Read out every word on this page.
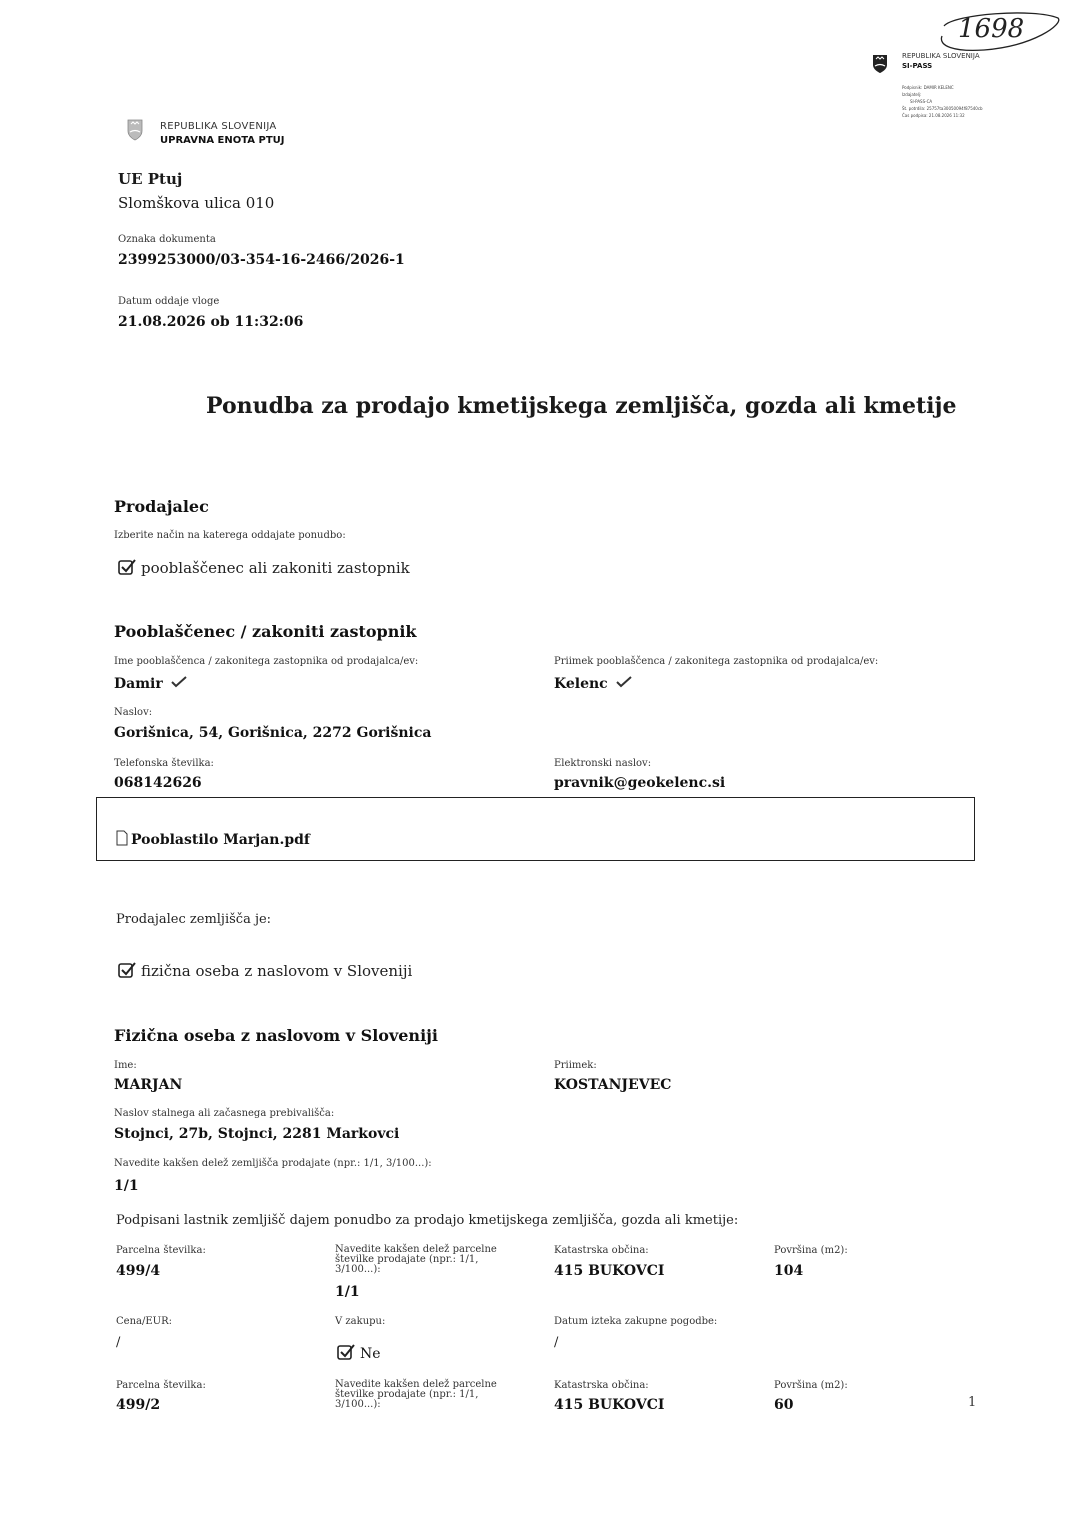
1698
REPUBLIKA SLOVENIJA
SI-PASS
Podpisnik: DAMIR KELENC
Izdajatelj:
SI-PASS-CA
Št. potrdila: 25757ta30050094f87540cb
Čas podpisa: 21.08.2026 11:32
REPUBLIKA SLOVENIJA
UPRAVNA ENOTA PTUJ
UE Ptuj
Slomškova ulica 010
Oznaka dokumenta
2399253000/03-354-16-2466/2026-1
Datum oddaje vloge
21.08.2026 ob 11:32:06
Ponudba za prodajo kmetijskega zemljišča, gozda ali kmetije
Prodajalec
Izberite način na katerega oddajate ponudbo:
pooblaščenec ali zakoniti zastopnik
Pooblaščenec / zakoniti zastopnik
Ime pooblaščenca / zakonitega zastopnika od prodajalca/ev:
Damir
Priimek pooblaščenca / zakonitega zastopnika od prodajalca/ev:
Kelenc
Naslov:
Gorišnica, 54, Gorišnica, 2272 Gorišnica
Telefonska številka:
068142626
Elektronski naslov:
pravnik@geokelenc.si
Pooblastilo Marjan.pdf
Prodajalec zemljišča je:
fizična oseba z naslovom v Sloveniji
Fizična oseba z naslovom v Sloveniji
Ime:
MARJAN
Priimek:
KOSTANJEVEC
Naslov stalnega ali začasnega prebivališča:
Stojnci, 27b, Stojnci, 2281 Markovci
Navedite kakšen delež zemljišča prodajate (npr.: 1/1, 3/100...):
1/1
Podpisani lastnik zemljišč dajem ponudbo za prodajo kmetijskega zemljišča, gozda ali kmetije:
Parcelna številka:
499/4
Navedite kakšen delež parcelne številke prodajate (npr.: 1/1, 3/100...):
1/1
Katastrska občina:
415 BUKOVCI
Površina (m2):
104
Cena/EUR:
/
V zakupu:
Ne
Datum izteka zakupne pogodbe:
/
Parcelna številka:
499/2
Navedite kakšen delež parcelne številke prodajate (npr.: 1/1, 3/100...):
Katastrska občina:
415 BUKOVCI
Površina (m2):
60	1
